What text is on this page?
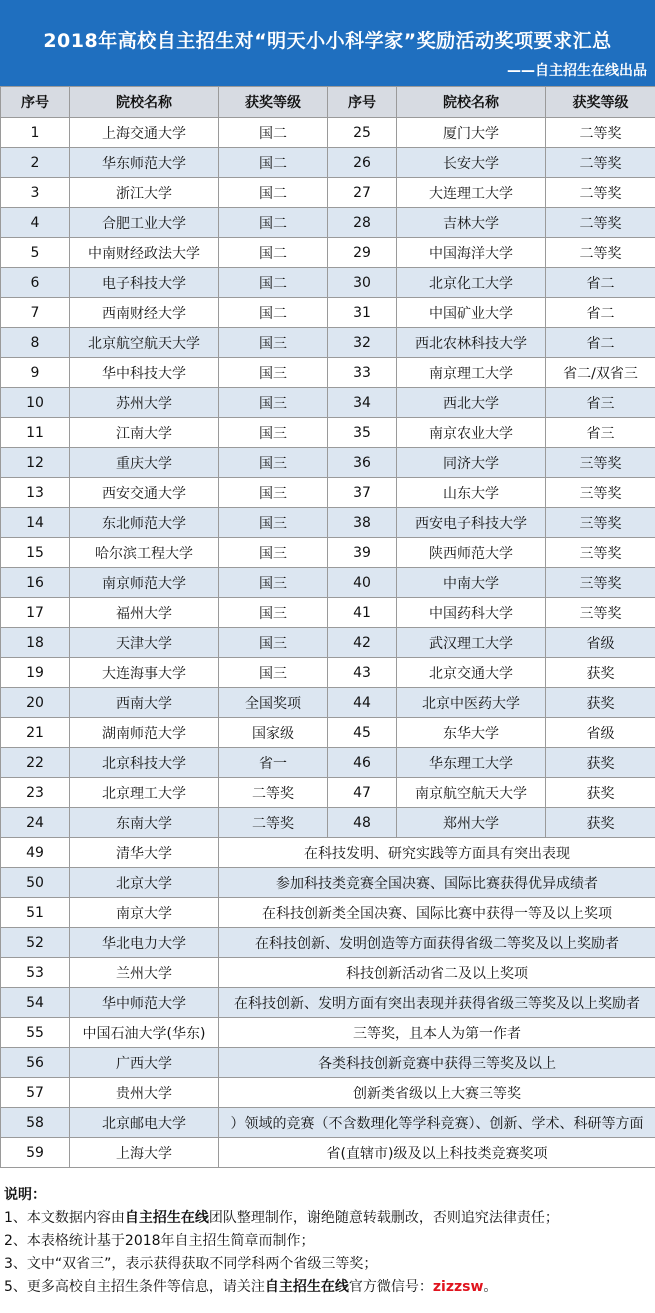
2018年高校自主招生对“明天小小科学家”奖励活动奖项要求汇总
——自主招生在线出品
序号	院校名称	获奖等级	序号	院校名称	获奖等级
1	上海交通大学	国二	25	厦门大学	二等奖
2	华东师范大学	国二	26	长安大学	二等奖
3	浙江大学	国二	27	大连理工大学	二等奖
4	合肥工业大学	国二	28	吉林大学	二等奖
5	中南财经政法大学	国二	29	中国海洋大学	二等奖
6	电子科技大学	国二	30	北京化工大学	省二
7	西南财经大学	国二	31	中国矿业大学	省二
8	北京航空航天大学	国三	32	西北农林科技大学	省二
9	华中科技大学	国三	33	南京理工大学	省二/双省三
10	苏州大学	国三	34	西北大学	省三
11	江南大学	国三	35	南京农业大学	省三
12	重庆大学	国三	36	同济大学	三等奖
13	西安交通大学	国三	37	山东大学	三等奖
14	东北师范大学	国三	38	西安电子科技大学	三等奖
15	哈尔滨工程大学	国三	39	陕西师范大学	三等奖
16	南京师范大学	国三	40	中南大学	三等奖
17	福州大学	国三	41	中国药科大学	三等奖
18	天津大学	国三	42	武汉理工大学	省级
19	大连海事大学	国三	43	北京交通大学	获奖
20	西南大学	全国奖项	44	北京中医药大学	获奖
21	湖南师范大学	国家级	45	东华大学	省级
22	北京科技大学	省一	46	华东理工大学	获奖
23	北京理工大学	二等奖	47	南京航空航天大学	获奖
24	东南大学	二等奖	48	郑州大学	获奖
49	清华大学	在科技发明、研究实践等方面具有突出表现			
50	北京大学	参加科技类竞赛全国决赛、国际比赛获得优异成绩者			
51	南京大学	在科技创新类全国决赛、国际比赛中获得一等及以上奖项			
52	华北电力大学	在科技创新、发明创造等方面获得省级二等奖及以上奖励者			
53	兰州大学	科技创新活动省二及以上奖项			
54	华中师范大学	在科技创新、发明方面有突出表现并获得省级三等奖及以上奖励者			
55	中国石油大学(华东)	三等奖，且本人为第一作者			
56	广西大学	各类科技创新竞赛中获得三等奖及以上			
57	贵州大学	创新类省级以上大赛三等奖			
58	北京邮电大学	）领域的竞赛（不含数理化等学科竞赛）、创新、学术、科研等方面			
59	上海大学	省(直辖市)级及以上科技类竞赛奖项			
说明：
1、本文数据内容由自主招生在线团队整理制作，谢绝随意转载删改，否则追究法律责任；
2、本表格统计基于2018年自主招生简章而制作；
3、文中“双省三”，表示获得获取不同学科两个省级三等奖；
5、更多高校自主招生条件等信息，请关注自主招生在线官方微信号：zizzsw。
